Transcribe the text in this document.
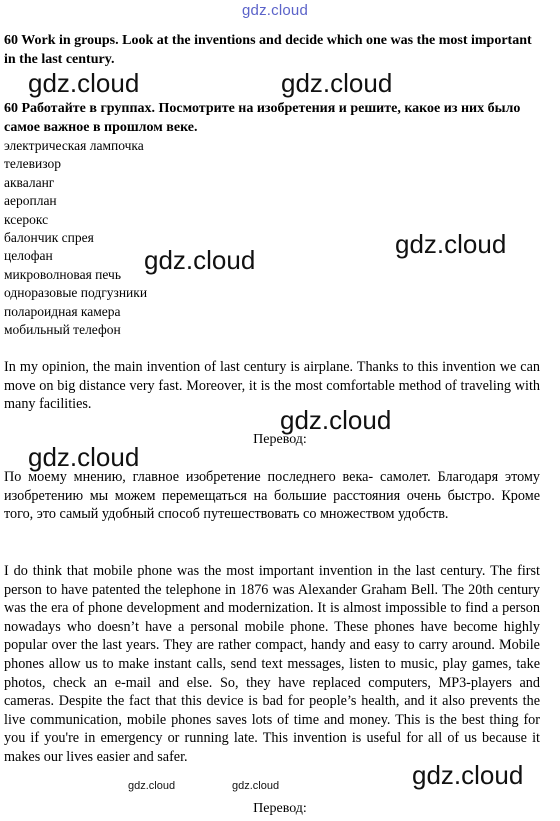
gdz.cloud

60 Work in groups. Look at the inventions and decide which one was the most important in the last century.

60 Работайте в группах. Посмотрите на изобретения и решите, какое из них было самое важное в прошлом веке.

электрическая лампочка
телевизор
акваланг
аероплан
ксерокс
балончик спрея
целофан
микроволновая печь
одноразовые подгузники
полароидная камера
мобильный телефон

In my opinion, the main invention of last century is airplane. Thanks to this invention we can move on big distance very fast. Moreover, it is the most comfortable method of traveling with many facilities.

Перевод:

По моему мнению, главное изобретение последнего века- самолет. Благодаря этому изобретению мы можем перемещаться на большие расстояния очень быстро. Кроме того, это самый удобный способ путешествовать со множеством удобств.

I do think that mobile phone was the most important invention in the last century. The first person to have patented the telephone in 1876 was Alexander Graham Bell. The 20th century was the era of phone development and modernization. It is almost impossible to find a person nowadays who doesn’t have a personal mobile phone. These phones have become highly popular over the last years. They are rather compact, handy and easy to carry around. Mobile phones allow us to make instant calls, send text messages, listen to music, play games, take photos, check an e-mail and else. So, they have replaced computers, MP3-players and cameras. Despite the fact that this device is bad for people’s health, and it also prevents the live communication, mobile phones saves lots of time and money. This is the best thing for you if you're in emergency or running late. This invention is useful for all of us because it makes our lives easier and safer.

Перевод:

gdz.cloud	gdz.cloud
gdz.cloud
gdz.cloud
gdz.cloud
gdz.cloud
gdz.cloud
gdz.cloud	gdz.cloud
